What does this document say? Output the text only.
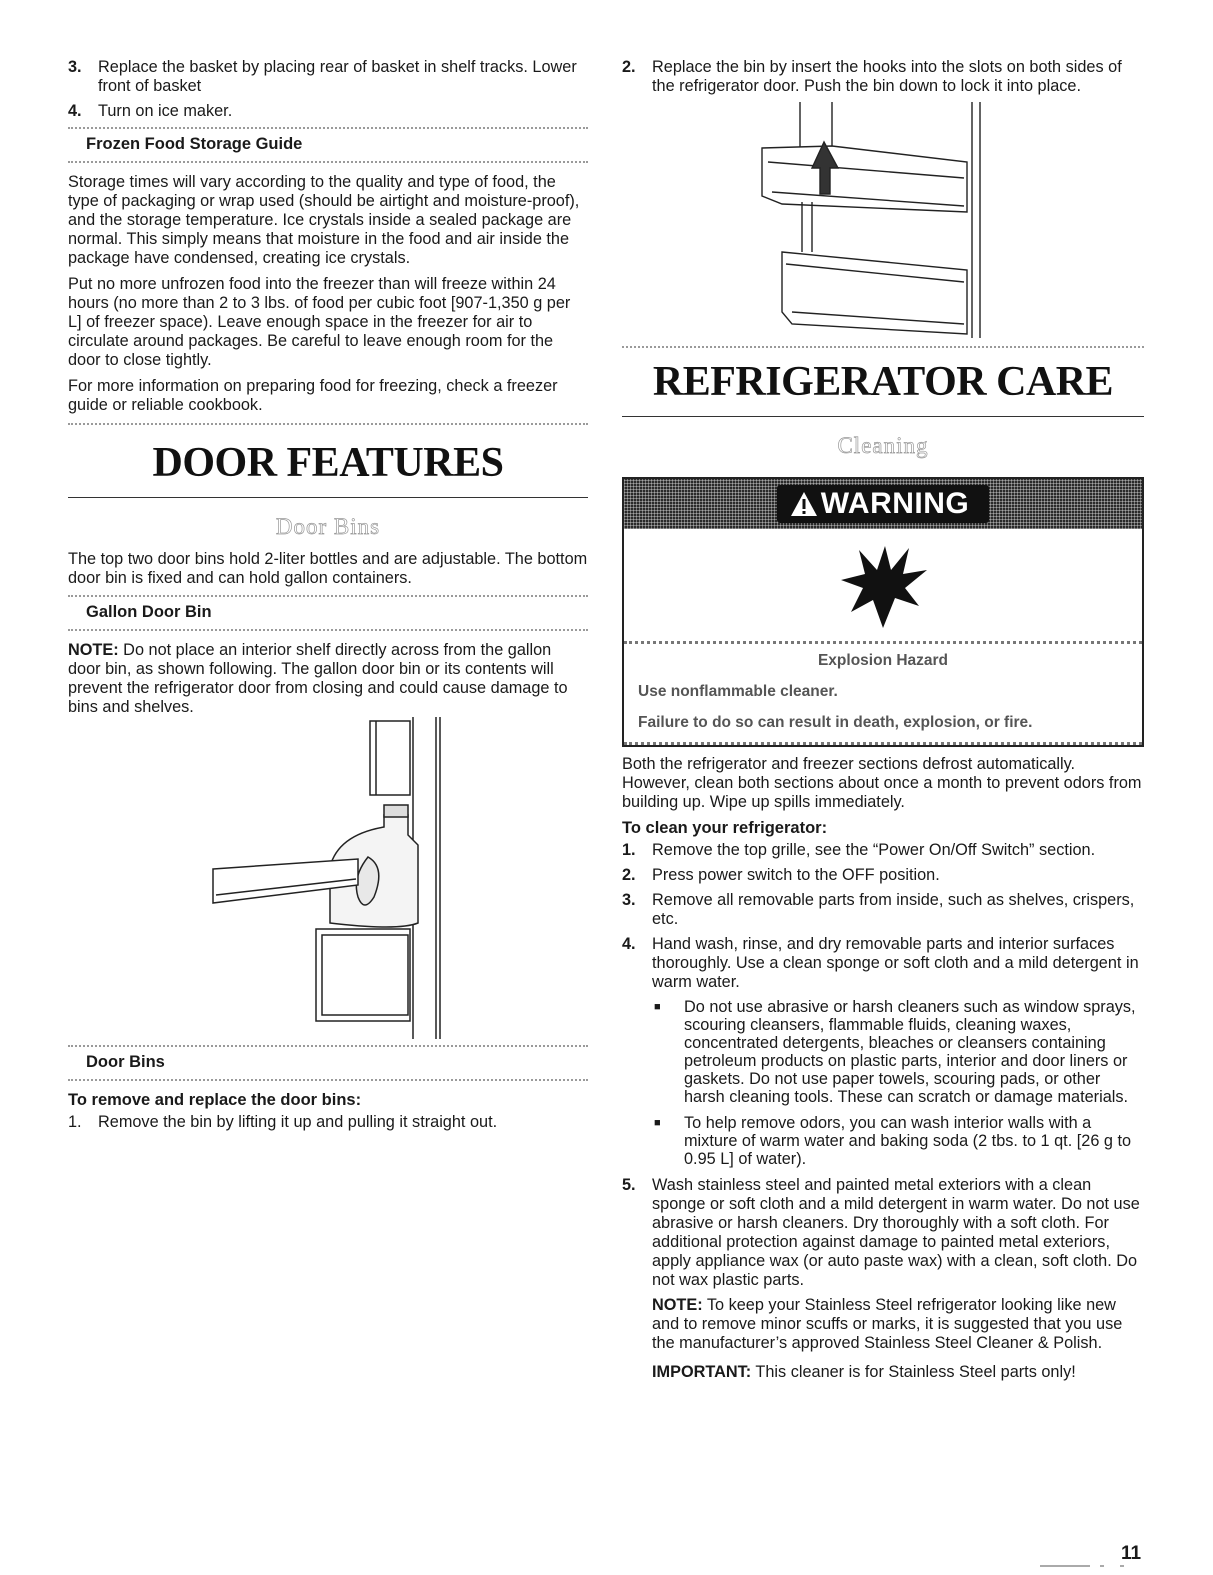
3.	Replace the basket by placing rear of basket in shelf tracks. Lower front of basket
4.	Turn on ice maker.
Frozen Food Storage Guide

Storage times will vary according to the quality and type of food, the type of packaging or wrap used (should be airtight and moisture-proof), and the storage temperature. Ice crystals inside a sealed package are normal. This simply means that moisture in the food and air inside the package have condensed, creating ice crystals.

Put no more unfrozen food into the freezer than will freeze within 24 hours (no more than 2 to 3 lbs. of food per cubic foot [907-1,350 g per L] of freezer space). Leave enough space in the freezer for air to circulate around packages. Be careful to leave enough room for the door to close tightly.

For more information on preparing food for freezing, check a freezer guide or reliable cookbook.

DOOR FEATURES
Door Bins

The top two door bins hold 2-liter bottles and are adjustable. The bottom door bin is fixed and can hold gallon containers.

Gallon Door Bin

NOTE: Do not place an interior shelf directly across from the gallon door bin, as shown following. The gallon door bin or its contents will prevent the refrigerator door from closing and could cause damage to bins and shelves.

Door Bins
To remove and replace the door bins:
1.	Remove the bin by lifting it up and pulling it straight out.
2.	Replace the bin by insert the hooks into the slots on both sides of the refrigerator door. Push the bin down to lock it into place.
REFRIGERATOR CARE
Cleaning
WARNING
Explosion Hazard

Use nonflammable cleaner.

Failure to do so can result in death, explosion, or fire.

Both the refrigerator and freezer sections defrost automatically. However, clean both sections about once a month to prevent odors from building up. Wipe up spills immediately.

To clean your refrigerator:
1.	Remove the top grille, see the “Power On/Off Switch” section.
2.	Press power switch to the OFF position.
3.	Remove all removable parts from inside, such as shelves, crispers, etc.
4.	Hand wash, rinse, and dry removable parts and interior surfaces thoroughly. Use a clean sponge or soft cloth and a mild detergent in warm water.
■	Do not use abrasive or harsh cleaners such as window sprays, scouring cleansers, flammable fluids, cleaning waxes, concentrated detergents, bleaches or cleansers containing petroleum products on plastic parts, interior and door liners or gaskets. Do not use paper towels, scouring pads, or other harsh cleaning tools. These can scratch or damage materials.
■	To help remove odors, you can wash interior walls with a mixture of warm water and baking soda (2 tbs. to 1 qt. [26 g to 0.95 L] of water).
5.	Wash stainless steel and painted metal exteriors with a clean sponge or soft cloth and a mild detergent in warm water. Do not use abrasive or harsh cleaners. Dry thoroughly with a soft cloth. For additional protection against damage to painted metal exteriors, apply appliance wax (or auto paste wax) with a clean, soft cloth. Do not wax plastic parts.

NOTE: To keep your Stainless Steel refrigerator looking like new and to remove minor scuffs or marks, it is suggested that you use the manufacturer’s approved Stainless Steel Cleaner & Polish.

IMPORTANT: This cleaner is for Stainless Steel parts only!

11
